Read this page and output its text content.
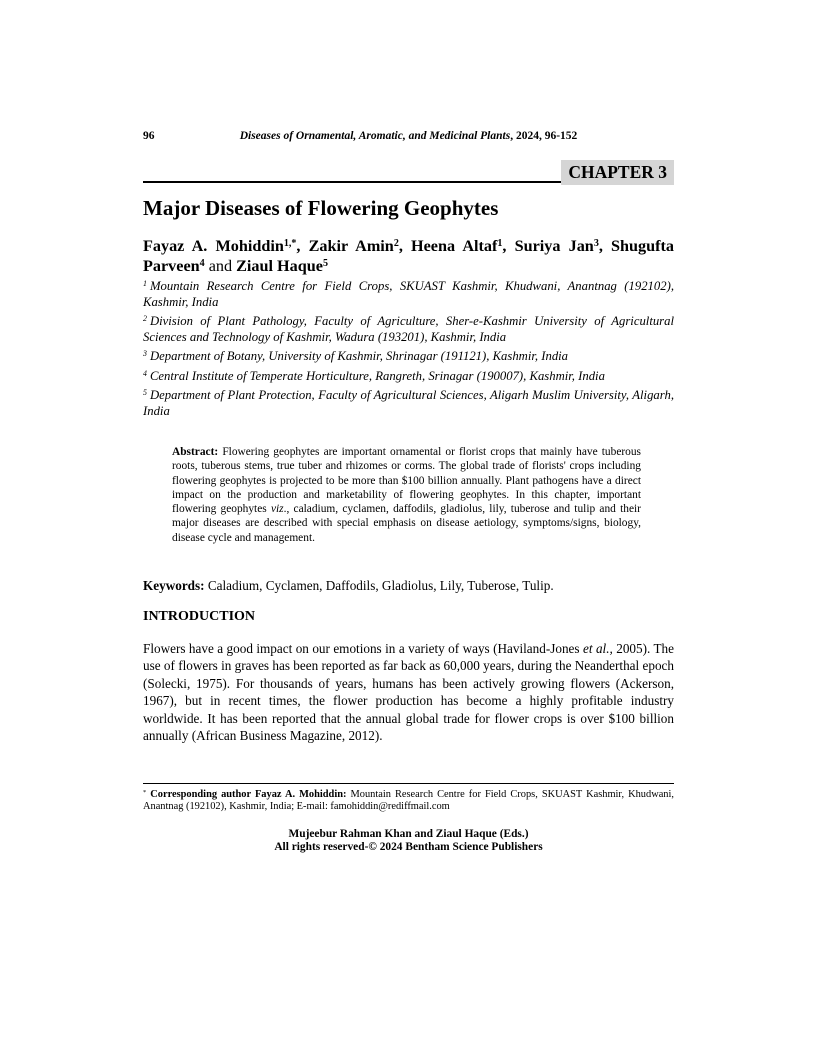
96	Diseases of Ornamental, Aromatic, and Medicinal Plants, 2024, 96-152
CHAPTER 3
Major Diseases of Flowering Geophytes

Fayaz A. Mohiddin$^{1,*}$, Zakir Amin$^2$, Heena Altaf$^1$, Suriya Jan$^3$, Shugufta Parveen$^4$ and Ziaul Haque$^5$

$^1$ Mountain Research Centre for Field Crops, SKUAST Kashmir, Khudwani, Anantnag (192102), Kashmir, India

$^2$ Division of Plant Pathology, Faculty of Agriculture, Sher-e-Kashmir University of Agricultural Sciences and Technology of Kashmir, Wadura (193201), Kashmir, India

$^3$ Department of Botany, University of Kashmir, Shrinagar (191121), Kashmir, India

$^4$ Central Institute of Temperate Horticulture, Rangreth, Srinagar (190007), Kashmir, India

$^5$ Department of Plant Protection, Faculty of Agricultural Sciences, Aligarh Muslim University, Aligarh, India

Abstract: Flowering geophytes are important ornamental or florist crops that mainly have tuberous roots, tuberous stems, true tuber and rhizomes or corms. The global trade of florists' crops including flowering geophytes is projected to be more than $100 billion annually. Plant pathogens have a direct impact on the production and marketability of flowering geophytes. In this chapter, important flowering geophytes viz., caladium, cyclamen, daffodils, gladiolus, lily, tuberose and tulip and their major diseases are described with special emphasis on disease aetiology, symptoms/signs, biology, disease cycle and management.

Keywords: Caladium, Cyclamen, Daffodils, Gladiolus, Lily, Tuberose, Tulip.

INTRODUCTION

Flowers have a good impact on our emotions in a variety of ways (Haviland-Jones et al., 2005). The use of flowers in graves has been reported as far back as 60,000 years, during the Neanderthal epoch (Solecki, 1975). For thousands of years, humans has been actively growing flowers (Ackerson, 1967), but in recent times, the flower production has become a highly profitable industry worldwide. It has been reported that the annual global trade for flower crops is over $100 billion annually (African Business Magazine, 2012).

* Corresponding author Fayaz A. Mohiddin: Mountain Research Centre for Field Crops, SKUAST Kashmir, Khudwani, Anantnag (192102), Kashmir, India; E-mail: famohiddin@rediffmail.com
Mujeebur Rahman Khan and Ziaul Haque (Eds.)
All rights reserved-© 2024 Bentham Science Publishers
